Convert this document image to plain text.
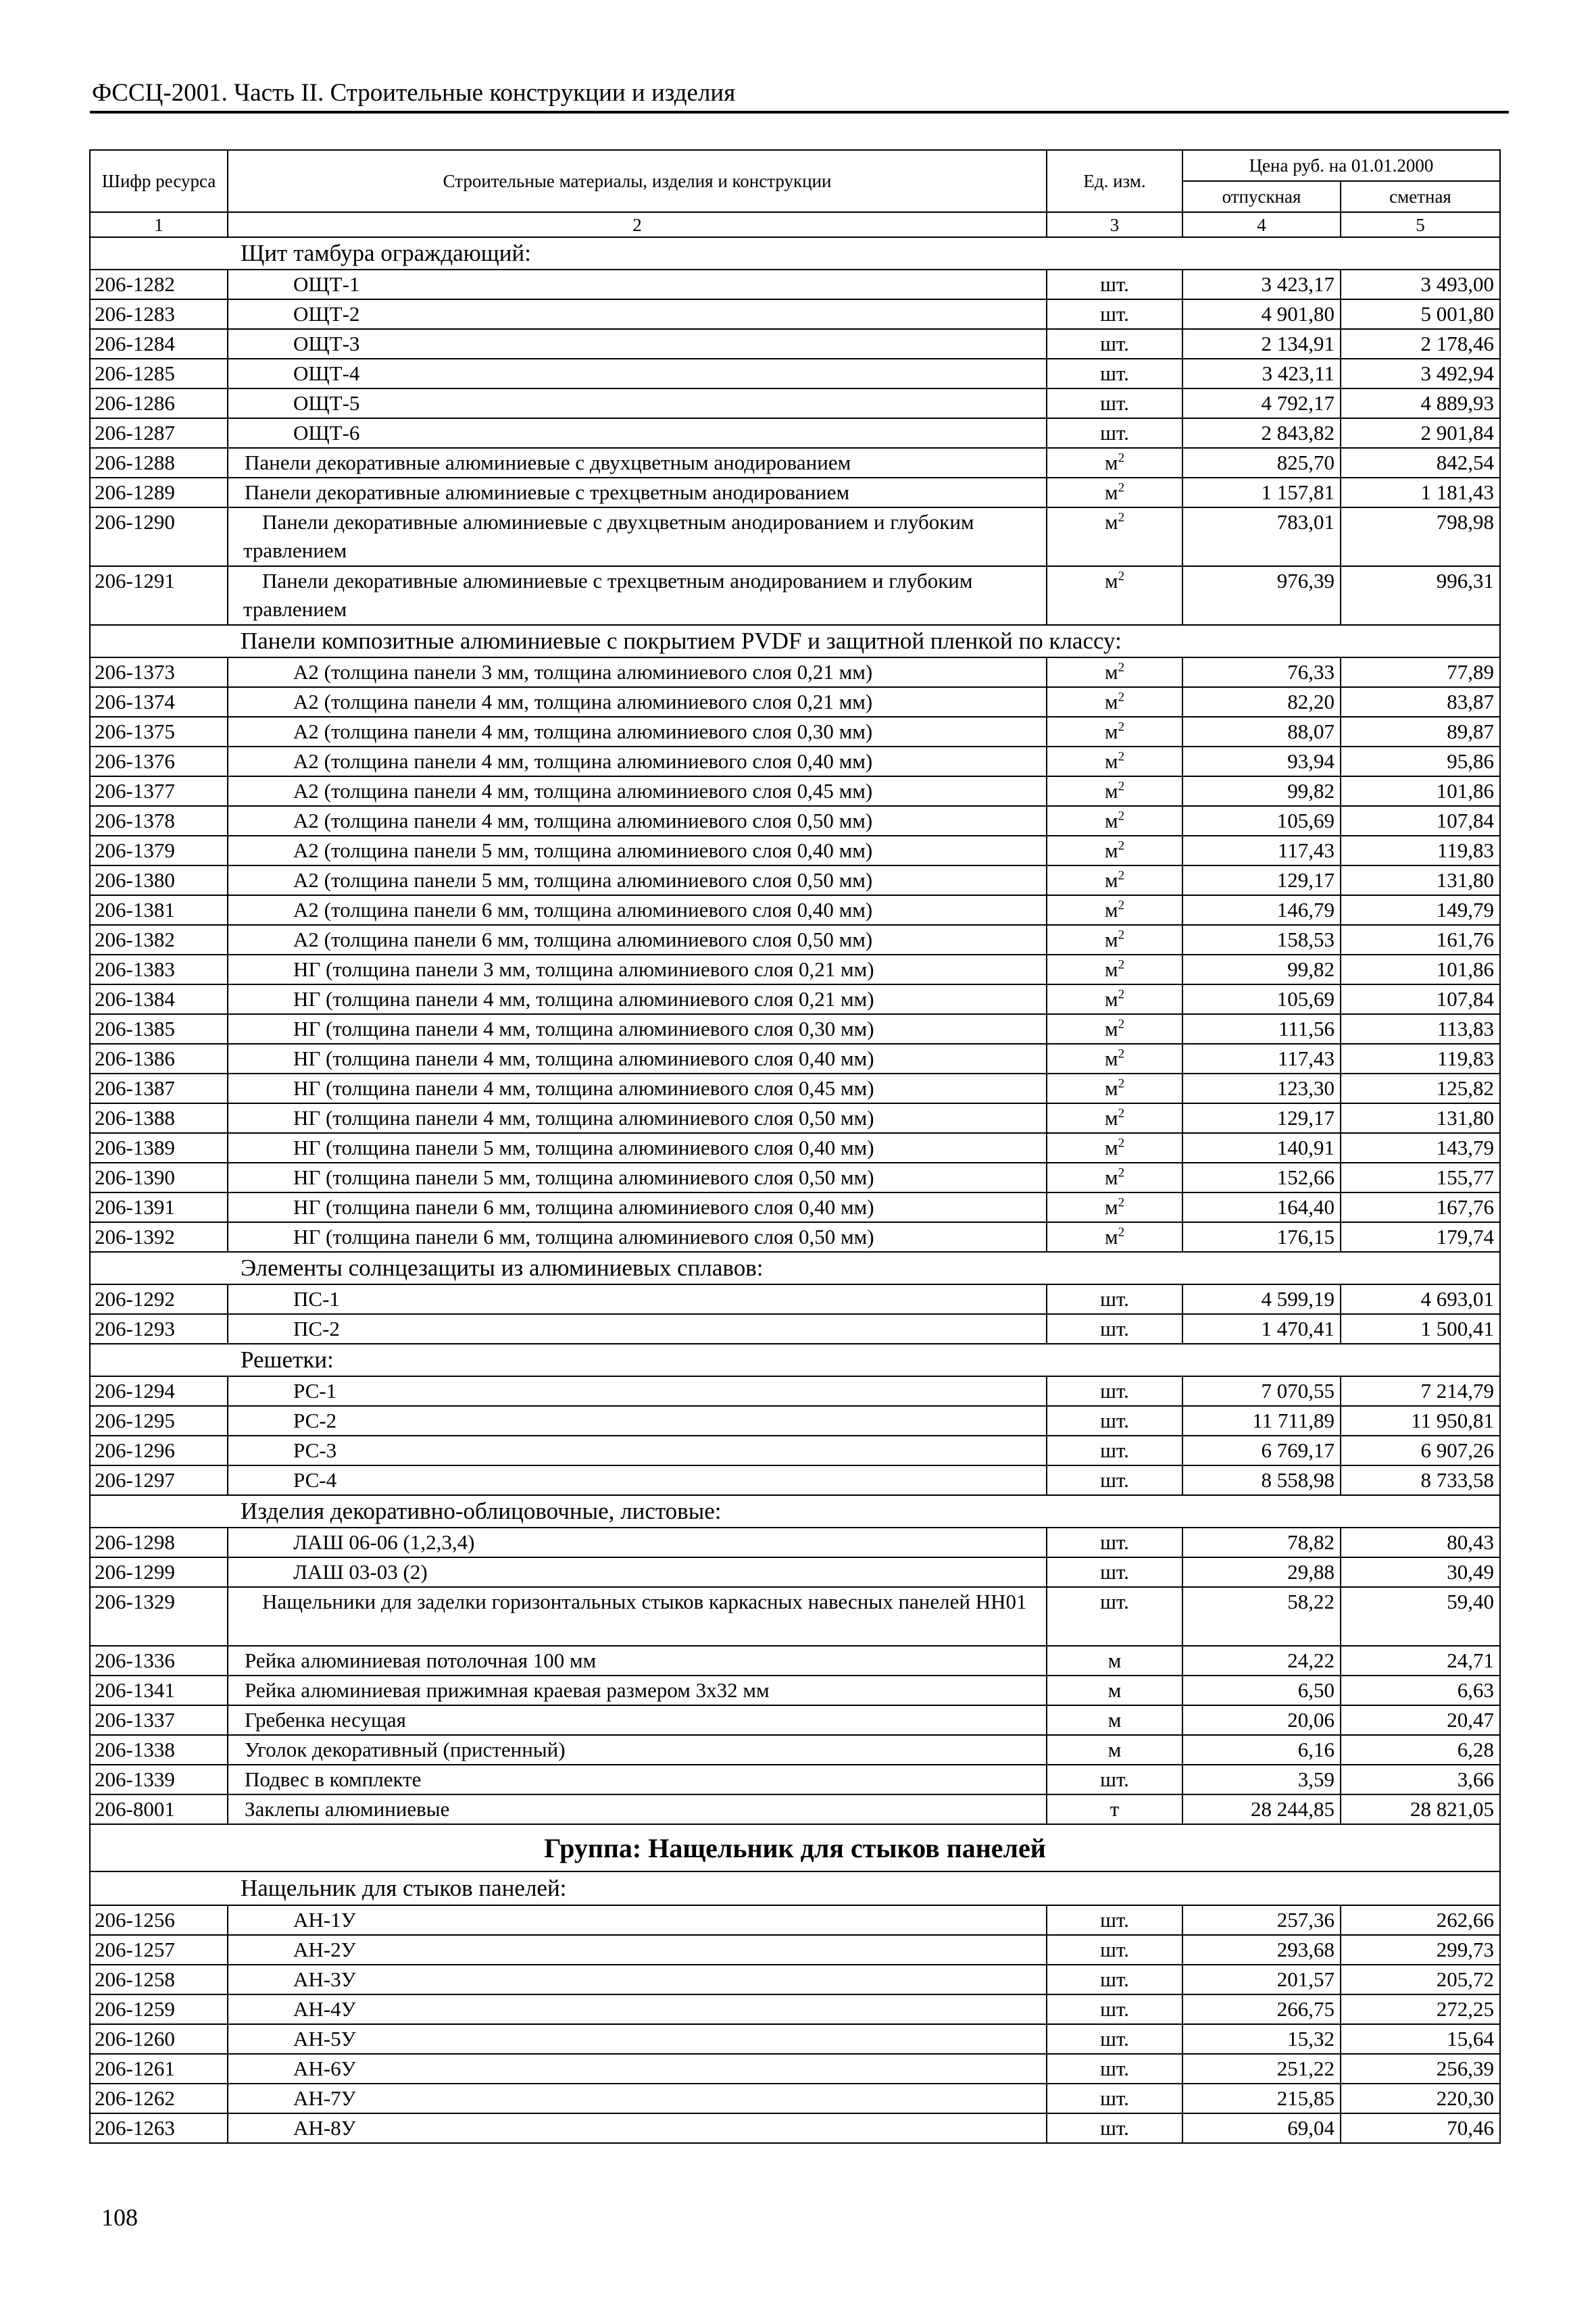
ФССЦ-2001. Часть II. Строительные конструкции и изделия
Шифр ресурса	Строительные материалы, изделия и конструкции	Ед. изм.	Цена руб. на 01.01.2000	
			отпускная	сметная
1	2	3	4	5
Щит тамбура ограждающий:				
206-1282	ОЩТ-1	шт.	3 423,17	3 493,00
206-1283	ОЩТ-2	шт.	4 901,80	5 001,80
206-1284	ОЩТ-3	шт.	2 134,91	2 178,46
206-1285	ОЩТ-4	шт.	3 423,11	3 492,94
206-1286	ОЩТ-5	шт.	4 792,17	4 889,93
206-1287	ОЩТ-6	шт.	2 843,82	2 901,84
206-1288	Панели декоративные алюминиевые с двухцветным анодированием	$м^2$	825,70	842,54
206-1289	Панели декоративные алюминиевые с трехцветным анодированием	$м^2$	1 157,81	1 181,43
206-1290	Панели декоративные алюминиевые с двухцветным анодированием и глубоким травлением	$м^2$	783,01	798,98
206-1291	Панели декоративные алюминиевые с трехцветным анодированием и глубоким травлением	$м^2$	976,39	996,31
Панели композитные алюминиевые с покрытием PVDF и защитной пленкой по классу:				
206-1373	А2 (толщина панели 3 мм, толщина алюминиевого слоя 0,21 мм)	$м^2$	76,33	77,89
206-1374	А2 (толщина панели 4 мм, толщина алюминиевого слоя 0,21 мм)	$м^2$	82,20	83,87
206-1375	А2 (толщина панели 4 мм, толщина алюминиевого слоя 0,30 мм)	$м^2$	88,07	89,87
206-1376	А2 (толщина панели 4 мм, толщина алюминиевого слоя 0,40 мм)	$м^2$	93,94	95,86
206-1377	А2 (толщина панели 4 мм, толщина алюминиевого слоя 0,45 мм)	$м^2$	99,82	101,86
206-1378	А2 (толщина панели 4 мм, толщина алюминиевого слоя 0,50 мм)	$м^2$	105,69	107,84
206-1379	А2 (толщина панели 5 мм, толщина алюминиевого слоя 0,40 мм)	$м^2$	117,43	119,83
206-1380	А2 (толщина панели 5 мм, толщина алюминиевого слоя 0,50 мм)	$м^2$	129,17	131,80
206-1381	А2 (толщина панели 6 мм, толщина алюминиевого слоя 0,40 мм)	$м^2$	146,79	149,79
206-1382	А2 (толщина панели 6 мм, толщина алюминиевого слоя 0,50 мм)	$м^2$	158,53	161,76
206-1383	НГ (толщина панели 3 мм, толщина алюминиевого слоя 0,21 мм)	$м^2$	99,82	101,86
206-1384	НГ (толщина панели 4 мм, толщина алюминиевого слоя 0,21 мм)	$м^2$	105,69	107,84
206-1385	НГ (толщина панели 4 мм, толщина алюминиевого слоя 0,30 мм)	$м^2$	111,56	113,83
206-1386	НГ (толщина панели 4 мм, толщина алюминиевого слоя 0,40 мм)	$м^2$	117,43	119,83
206-1387	НГ (толщина панели 4 мм, толщина алюминиевого слоя 0,45 мм)	$м^2$	123,30	125,82
206-1388	НГ (толщина панели 4 мм, толщина алюминиевого слоя 0,50 мм)	$м^2$	129,17	131,80
206-1389	НГ (толщина панели 5 мм, толщина алюминиевого слоя 0,40 мм)	$м^2$	140,91	143,79
206-1390	НГ (толщина панели 5 мм, толщина алюминиевого слоя 0,50 мм)	$м^2$	152,66	155,77
206-1391	НГ (толщина панели 6 мм, толщина алюминиевого слоя 0,40 мм)	$м^2$	164,40	167,76
206-1392	НГ (толщина панели 6 мм, толщина алюминиевого слоя 0,50 мм)	$м^2$	176,15	179,74
Элементы солнцезащиты из алюминиевых сплавов:				
206-1292	ПС-1	шт.	4 599,19	4 693,01
206-1293	ПС-2	шт.	1 470,41	1 500,41
Решетки:				
206-1294	РС-1	шт.	7 070,55	7 214,79
206-1295	РС-2	шт.	11 711,89	11 950,81
206-1296	РС-3	шт.	6 769,17	6 907,26
206-1297	РС-4	шт.	8 558,98	8 733,58
Изделия декоративно-облицовочные, листовые:				
206-1298	ЛАШ 06-06 (1,2,3,4)	шт.	78,82	80,43
206-1299	ЛАШ 03-03 (2)	шт.	29,88	30,49
206-1329	Нащельники для заделки горизонтальных стыков каркасных навесных панелей НН01	шт.	58,22	59,40
206-1336	Рейка алюминиевая потолочная 100 мм	м	24,22	24,71
206-1341	Рейка алюминиевая прижимная краевая размером 3х32 мм	м	6,50	6,63
206-1337	Гребенка несущая	м	20,06	20,47
206-1338	Уголок декоративный (пристенный)	м	6,16	6,28
206-1339	Подвес в комплекте	шт.	3,59	3,66
206-8001	Заклепы алюминиевые	т	28 244,85	28 821,05
Группа: Нащельник для стыков панелей				
Нащельник для стыков панелей:				
206-1256	АН-1У	шт.	257,36	262,66
206-1257	АН-2У	шт.	293,68	299,73
206-1258	АН-3У	шт.	201,57	205,72
206-1259	АН-4У	шт.	266,75	272,25
206-1260	АН-5У	шт.	15,32	15,64
206-1261	АН-6У	шт.	251,22	256,39
206-1262	АН-7У	шт.	215,85	220,30
206-1263	АН-8У	шт.	69,04	70,46
108
